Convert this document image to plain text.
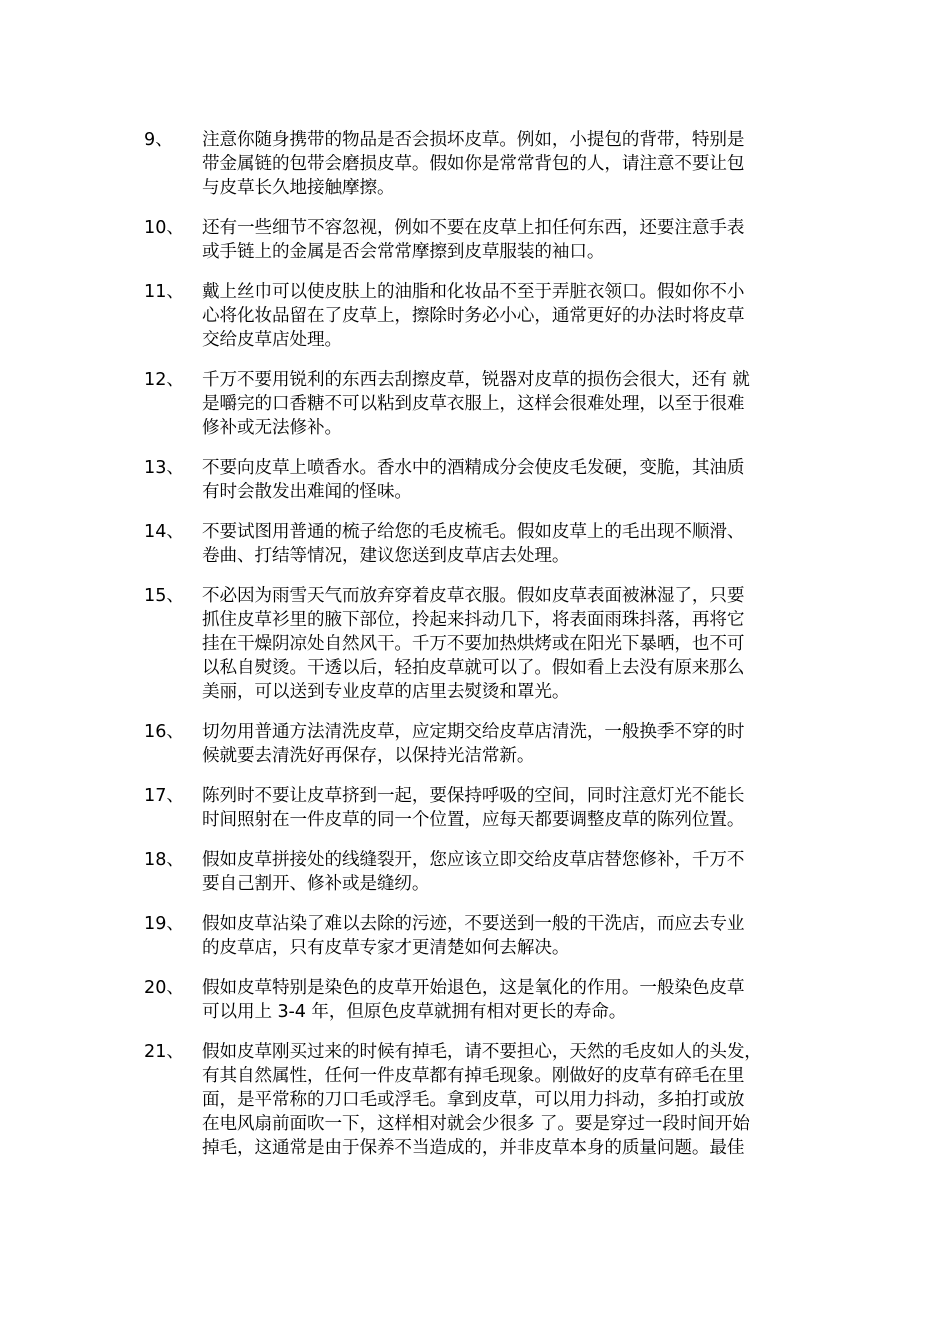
9、	注意你随身携带的物品是否会损坏皮草。例如，小提包的背带，特别是
带金属链的包带会磨损皮草。假如你是常常背包的人，请注意不要让包
与皮草长久地接触摩擦。
10、	还有一些细节不容忽视，例如不要在皮草上扣任何东西，还要注意手表
或手链上的金属是否会常常摩擦到皮草服装的袖口。
11、	戴上丝巾可以使皮肤上的油脂和化妆品不至于弄脏衣领口。假如你不小
心将化妆品留在了皮草上，擦除时务必小心，通常更好的办法时将皮草
交给皮草店处理。
12、	千万不要用锐利的东西去刮擦皮草，锐器对皮草的损伤会很大，还有 就
是嚼完的口香糖不可以粘到皮草衣服上，这样会很难处理，以至于很难
修补或无法修补。
13、	不要向皮草上喷香水。香水中的酒精成分会使皮毛发硬，变脆，其油质
有时会散发出难闻的怪味。
14、	不要试图用普通的梳子给您的毛皮梳毛。假如皮草上的毛出现不顺滑、
卷曲、打结等情况，建议您送到皮草店去处理。
15、	不必因为雨雪天气而放弃穿着皮草衣服。假如皮草表面被淋湿了，只要
抓住皮草衫里的腋下部位，拎起来抖动几下，将表面雨珠抖落，再将它
挂在干燥阴凉处自然风干。千万不要加热烘烤或在阳光下暴晒，也不可
以私自熨烫。干透以后，轻拍皮草就可以了。假如看上去没有原来那么
美丽，可以送到专业皮草的店里去熨烫和罩光。
16、	切勿用普通方法清洗皮草，应定期交给皮草店清洗，一般换季不穿的时
候就要去清洗好再保存，以保持光洁常新。
17、	陈列时不要让皮草挤到一起，要保持呼吸的空间，同时注意灯光不能长
时间照射在一件皮草的同一个位置，应每天都要调整皮草的陈列位置。
18、	假如皮草拼接处的线缝裂开，您应该立即交给皮草店替您修补，千万不
要自己割开、修补或是缝纫。
19、	假如皮草沾染了难以去除的污迹，不要送到一般的干洗店，而应去专业
的皮草店，只有皮草专家才更清楚如何去解决。
20、	假如皮草特别是染色的皮草开始退色，这是氧化的作用。一般染色皮草
可以用上 3-4 年，但原色皮草就拥有相对更长的寿命。
21、	假如皮草刚买过来的时候有掉毛，请不要担心，天然的毛皮如人的头发，
有其自然属性，任何一件皮草都有掉毛现象。刚做好的皮草有碎毛在里
面，是平常称的刀口毛或浮毛。拿到皮草，可以用力抖动，多拍打或放
在电风扇前面吹一下，这样相对就会少很多 了。要是穿过一段时间开始
掉毛，这通常是由于保养不当造成的，并非皮草本身的质量问题。最佳
